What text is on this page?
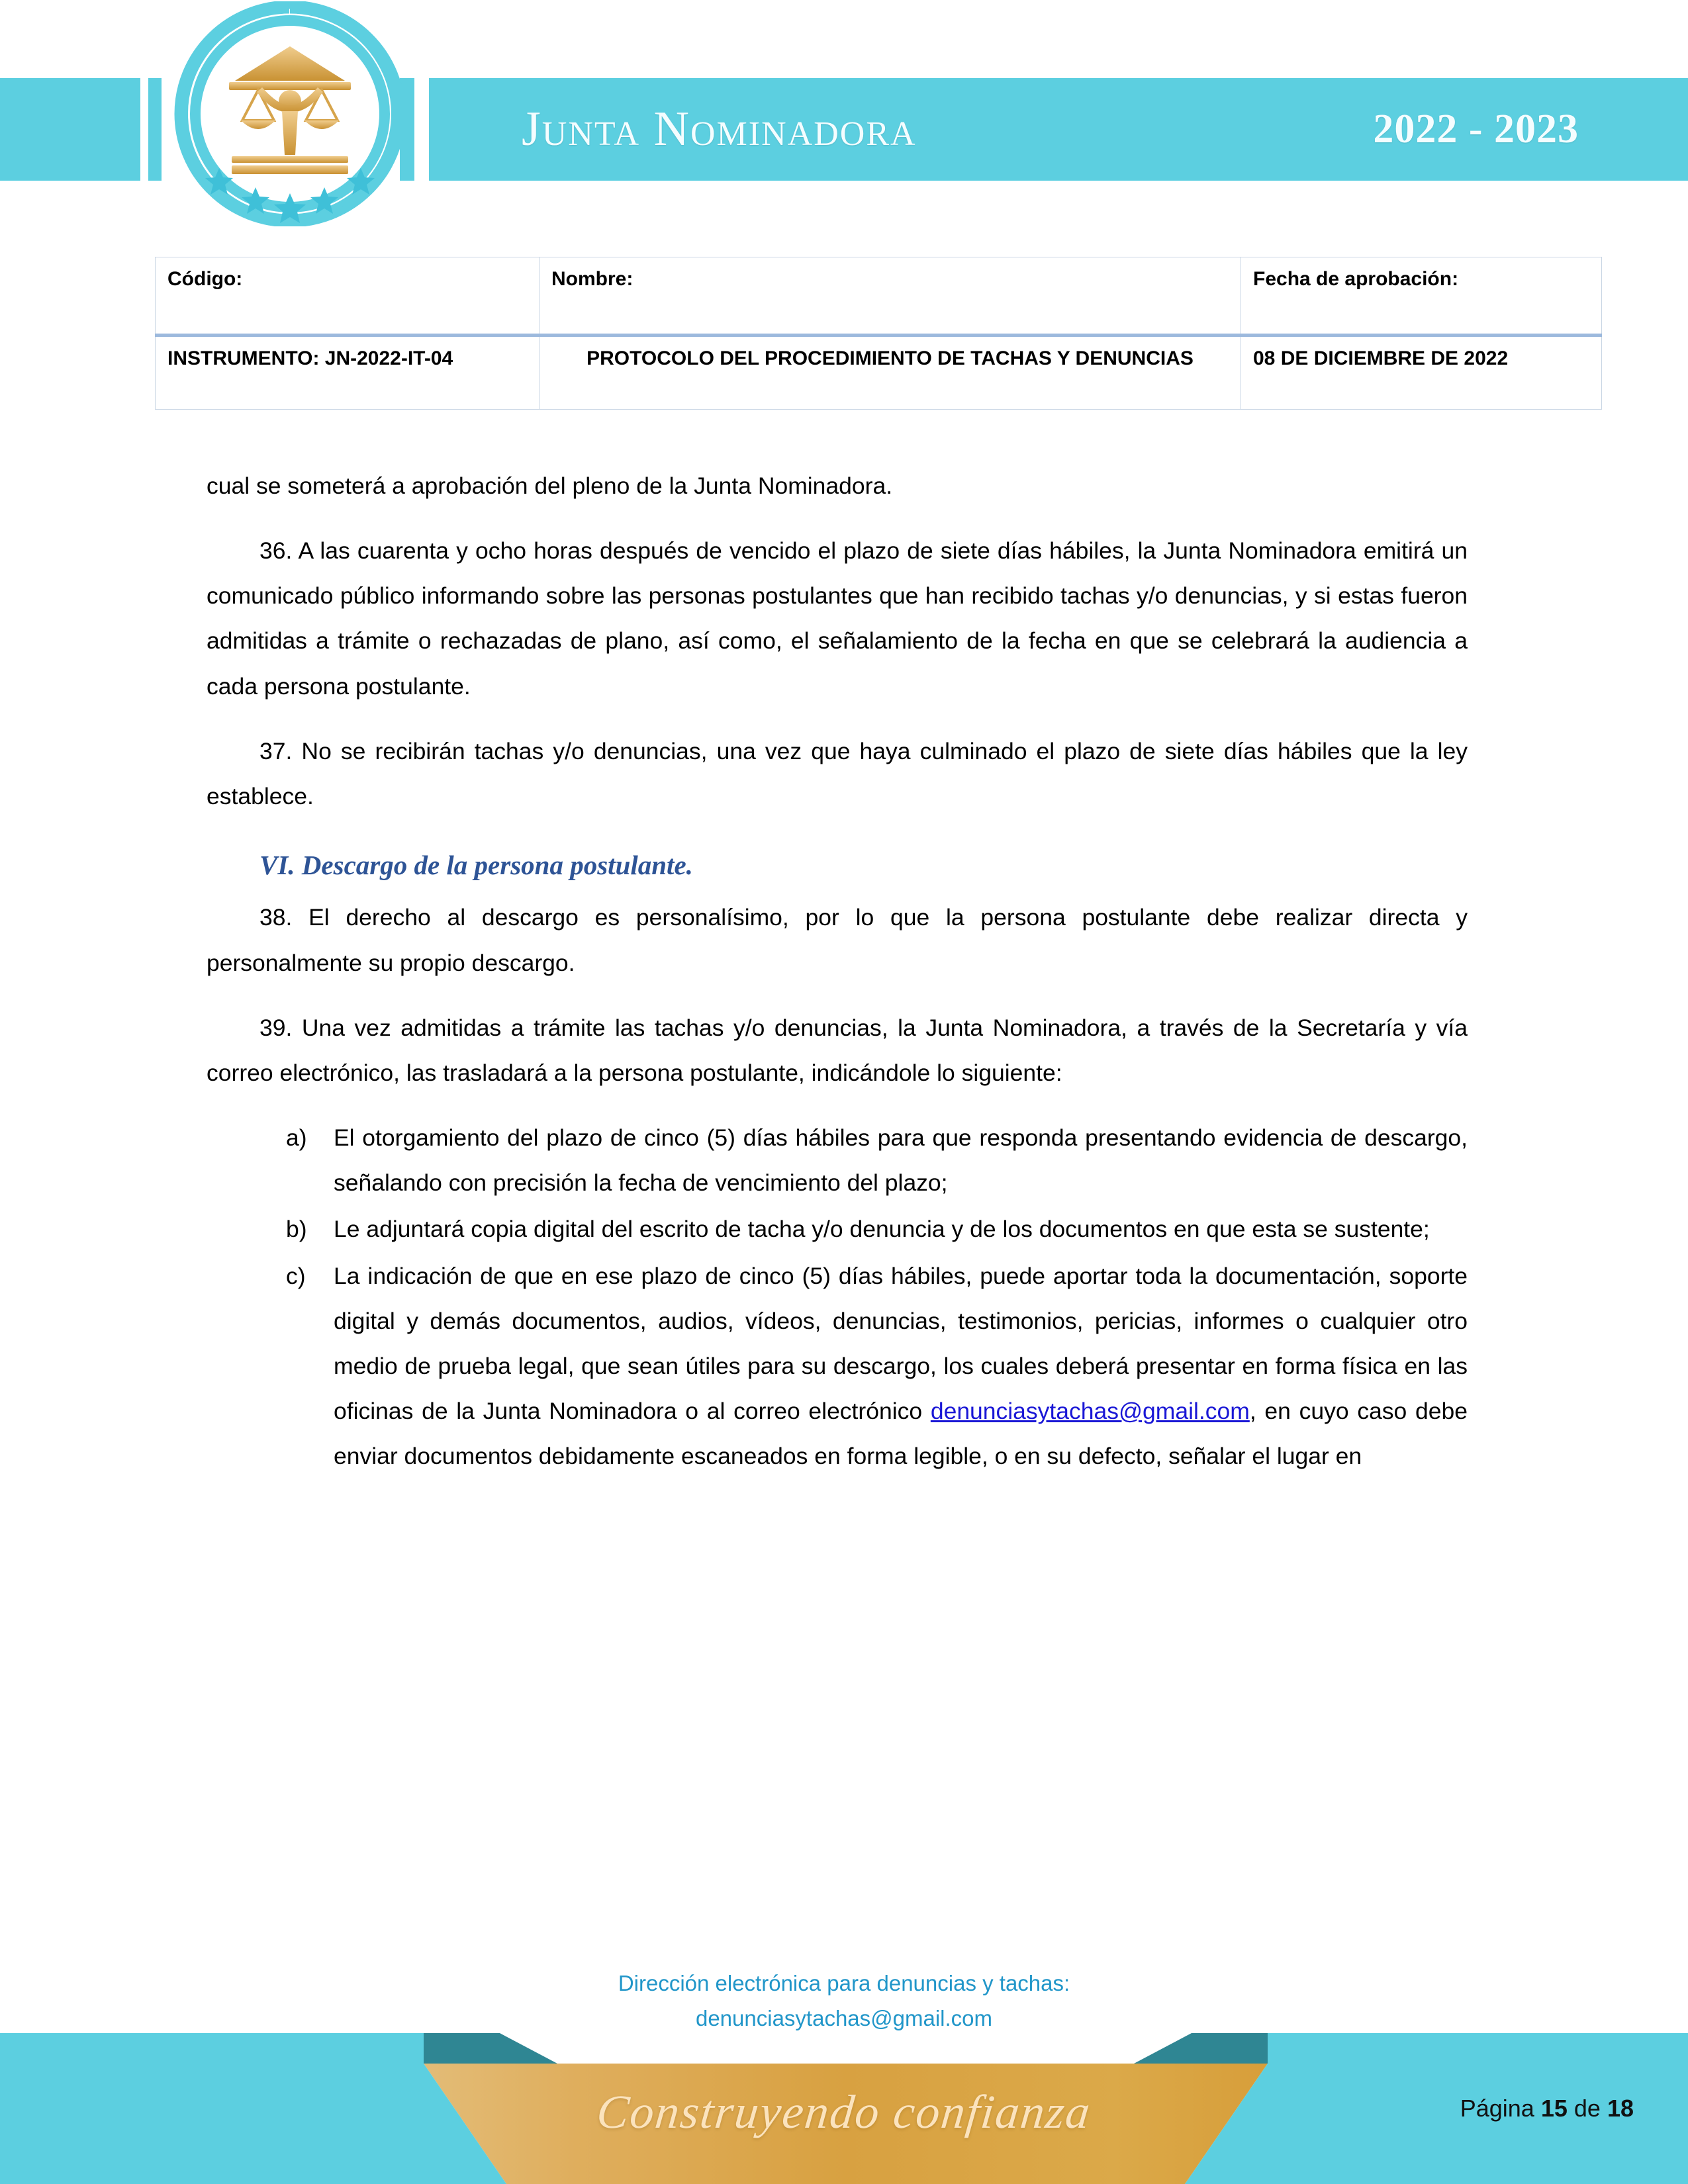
Junta Nominadora	2022 - 2023
Código:	Nombre:	Fecha de aprobación:
INSTRUMENTO: JN-2022-IT-04	PROTOCOLO DEL PROCEDIMIENTO DE TACHAS Y DENUNCIAS	08 DE DICIEMBRE DE 2022

cual se someterá a aprobación del pleno de la Junta Nominadora.

36. A las cuarenta y ocho horas después de vencido el plazo de siete días hábiles, la Junta Nominadora emitirá un comunicado público informando sobre las personas postulantes que han recibido tachas y/o denuncias, y si estas fueron admitidas a trámite o rechazadas de plano, así como, el señalamiento de la fecha en que se celebrará la audiencia a cada persona postulante.

37. No se recibirán tachas y/o denuncias, una vez que haya culminado el plazo de siete días hábiles que la ley establece.

VI. Descargo de la persona postulante.

38. El derecho al descargo es personalísimo, por lo que la persona postulante debe realizar directa y personalmente su propio descargo.

39. Una vez admitidas a trámite las tachas y/o denuncias, la Junta Nominadora, a través de la Secretaría y vía correo electrónico, las trasladará a la persona postulante, indicándole lo siguiente:

a) El otorgamiento del plazo de cinco (5) días hábiles para que responda presentando evidencia de descargo, señalando con precisión la fecha de vencimiento del plazo;
b) Le adjuntará copia digital del escrito de tacha y/o denuncia y de los documentos en que esta se sustente;
c) La indicación de que en ese plazo de cinco (5) días hábiles, puede aportar toda la documentación, soporte digital y demás documentos, audios, vídeos, denuncias, testimonios, pericias, informes o cualquier otro medio de prueba legal, que sean útiles para su descargo, los cuales deberá presentar en forma física en las oficinas de la Junta Nominadora o al correo electrónico denunciasytachas@gmail.com, en cuyo caso debe enviar documentos debidamente escaneados en forma legible, o en su defecto, señalar el lugar en
Dirección electrónica para denuncias y tachas:
denunciasytachas@gmail.com
Construyendo confianza	Página 15 de 18
